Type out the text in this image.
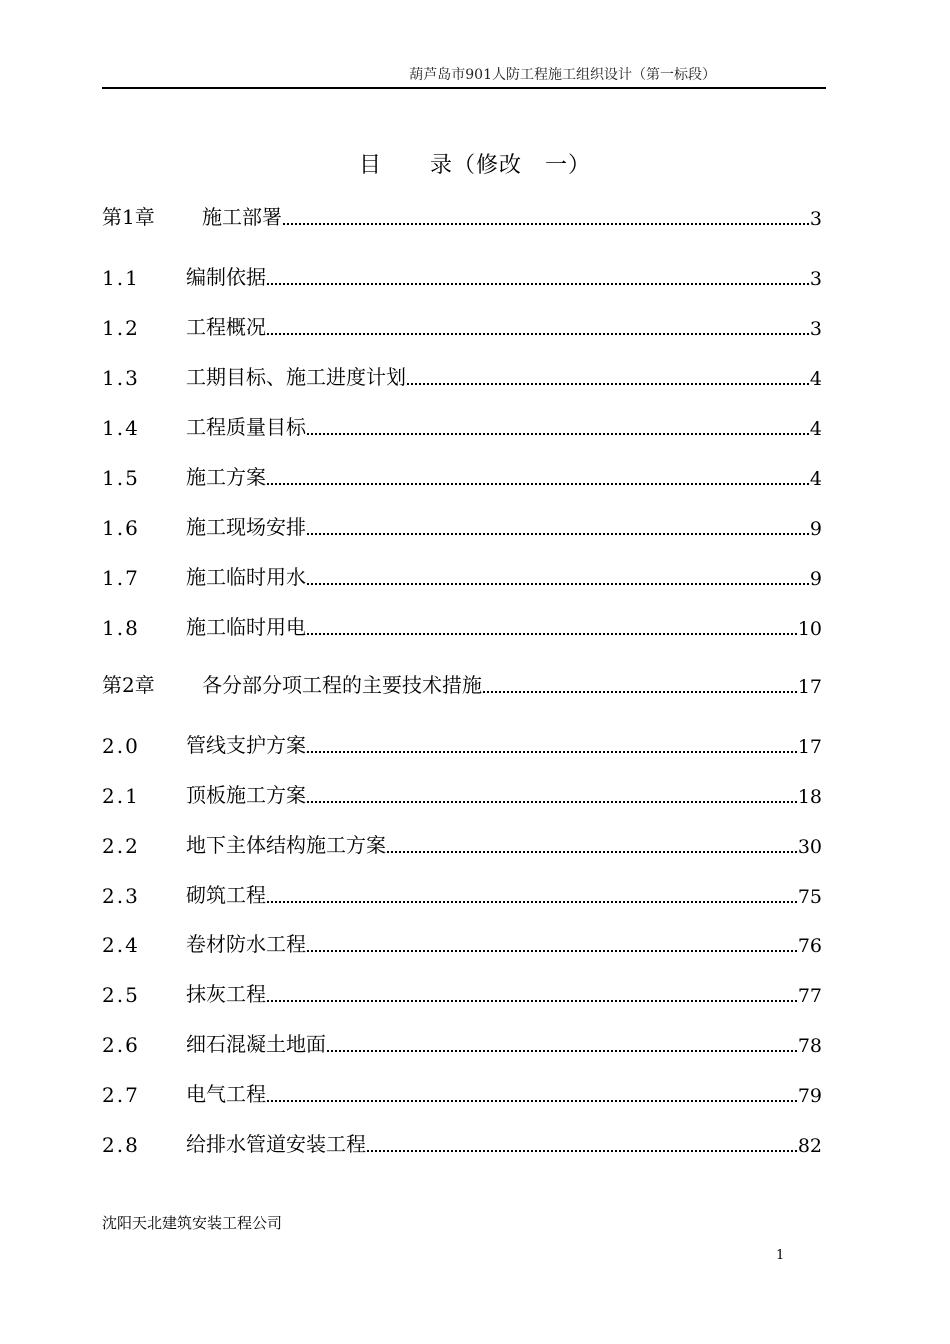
葫芦岛市901人防工程施工组织设计（第一标段）
目 录（修改　一）
第1章	施工部署	3
1.1	编制依据	3
1.2	工程概况	3
1.3	工期目标、施工进度计划	4
1.4	工程质量目标	4
1.5	施工方案	4
1.6	施工现场安排	9
1.7	施工临时用水	9
1.8	施工临时用电	10
第2章	各分部分项工程的主要技术措施	17
2.0	管线支护方案	17
2.1	顶板施工方案	18
2.2	地下主体结构施工方案	30
2.3	砌筑工程	75
2.4	卷材防水工程	76
2.5	抹灰工程	77
2.6	细石混凝土地面	78
2.7	电气工程	79
2.8	给排水管道安装工程	82
沈阳天北建筑安装工程公司
1
